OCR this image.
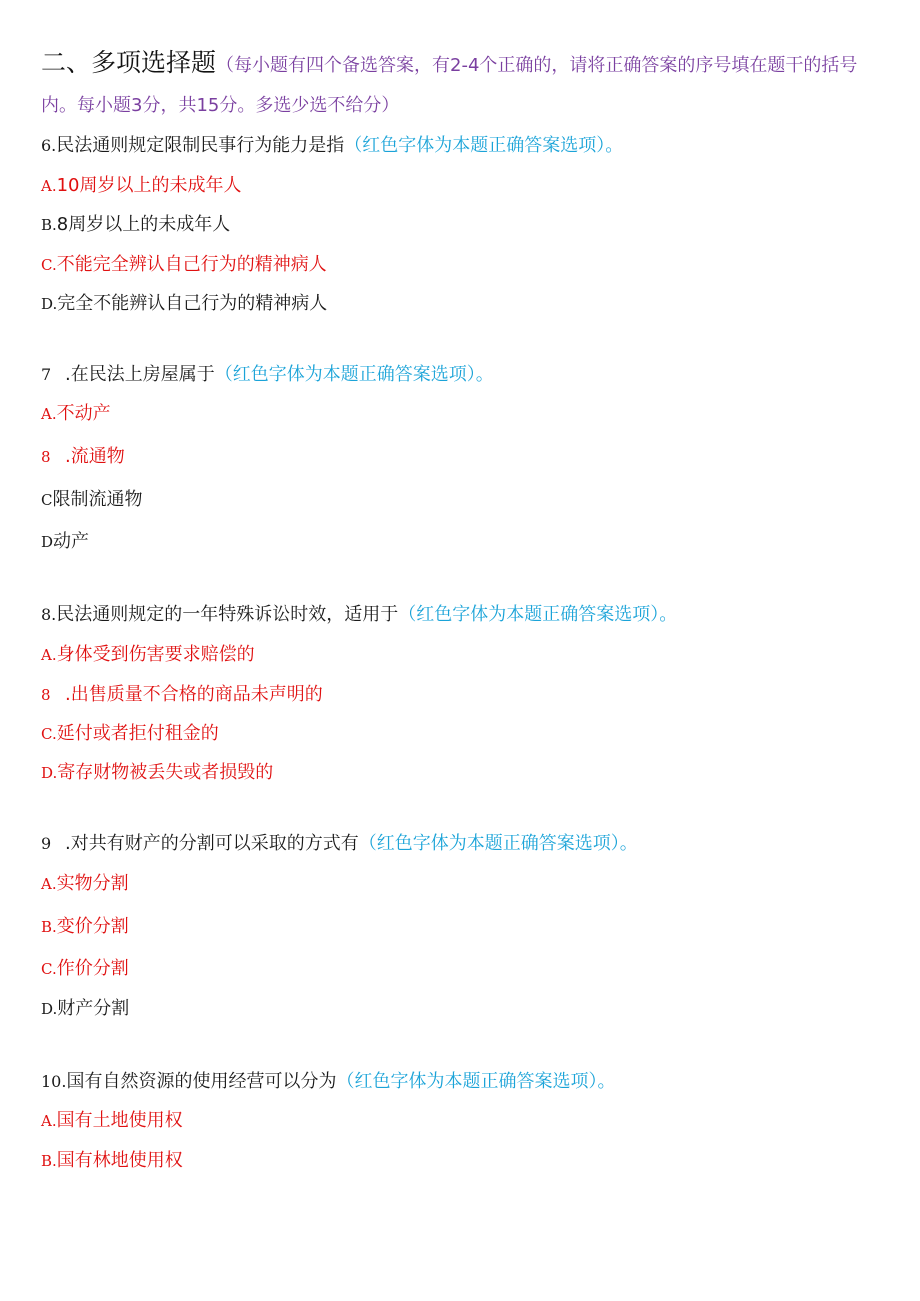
二、多项选择题（每小题有四个备选答案，有2-4个正确的，请将正确答案的序号填在题干的括号
内。每小题3分，共15分。多选少选不给分）
6.民法通则规定限制民事行为能力是指（红色字体为本题正确答案选项）。
A.10周岁以上的未成年人
B.8周岁以上的未成年人
C.不能完全辨认自己行为的精神病人
D.完全不能辨认自己行为的精神病人
7 .在民法上房屋属于（红色字体为本题正确答案选项）。
A.不动产
8 .流通物
C限制流通物
D动产
8.民法通则规定的一年特殊诉讼时效，适用于（红色字体为本题正确答案选项）。
A.身体受到伤害要求赔偿的
8 .出售质量不合格的商品未声明的
C.延付或者拒付租金的
D.寄存财物被丢失或者损毁的
9 .对共有财产的分割可以采取的方式有（红色字体为本题正确答案选项）。
A.实物分割
B.变价分割
C.作价分割
D.财产分割
10.国有自然资源的使用经营可以分为（红色字体为本题正确答案选项）。
A.国有土地使用权
B.国有林地使用权
